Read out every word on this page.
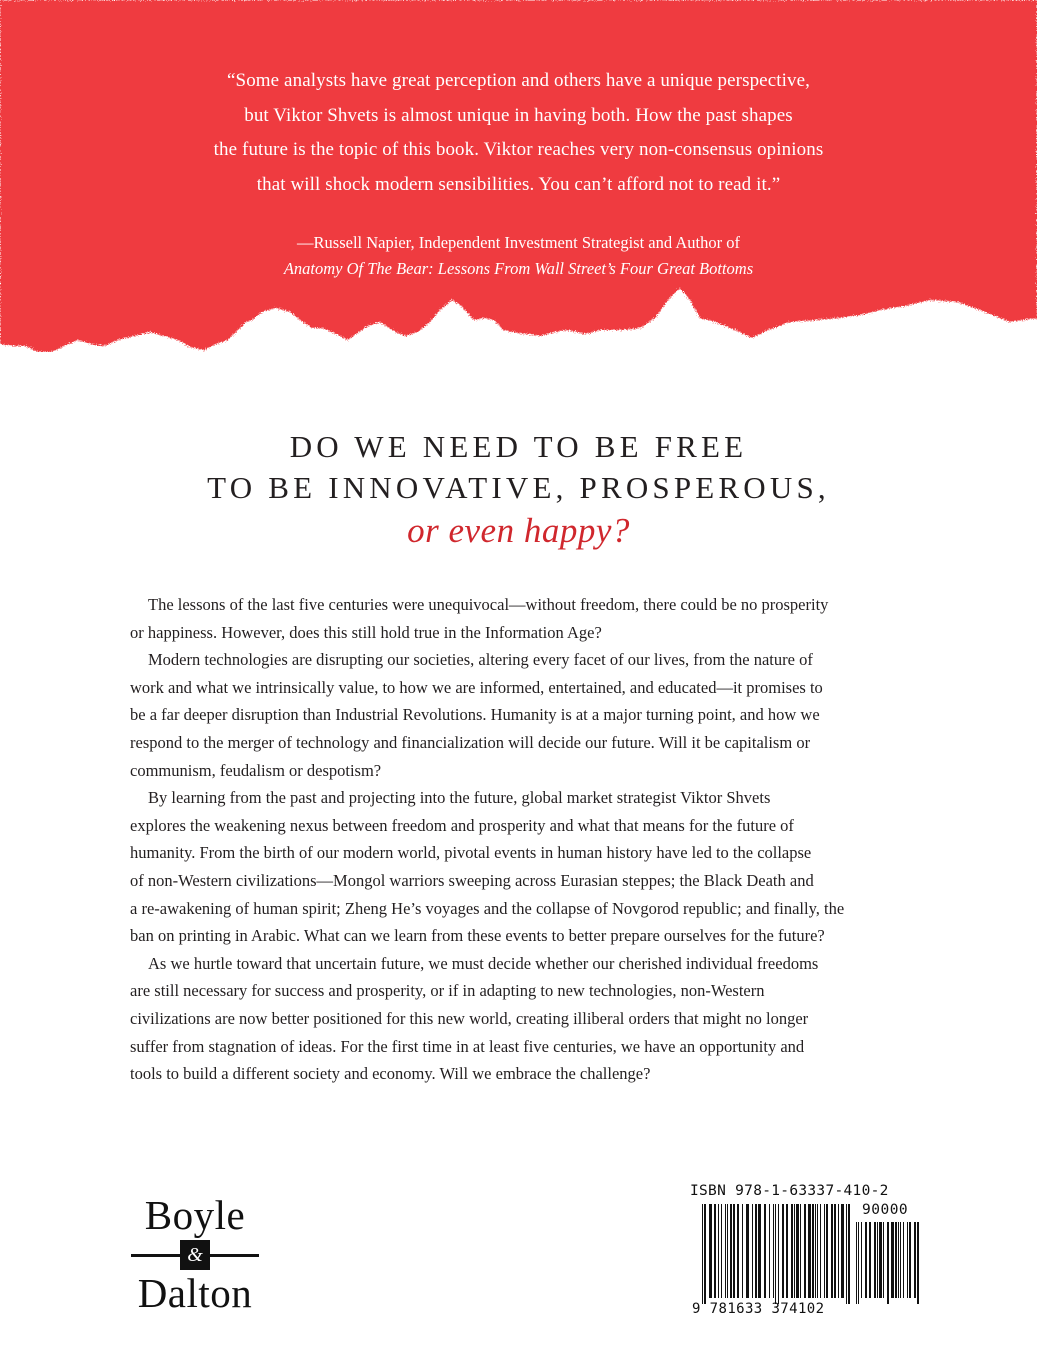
“Some analysts have great perception and others have a unique perspective,
but Viktor Shvets is almost unique in having both. How the past shapes
the future is the topic of this book. Viktor reaches very non-consensus opinions
that will shock modern sensibilities. You can’t afford not to read it.”
—Russell Napier, Independent Investment Strategist and Author of
Anatomy Of The Bear: Lessons From Wall Street’s Four Great Bottoms
DO WE NEED TO BE FREE
TO BE INNOVATIVE, PROSPEROUS,
or even happy?

The lessons of the last five centuries were unequivocal—without freedom, there could be no prosperity
or happiness. However, does this still hold true in the Information Age?

Modern technologies are disrupting our societies, altering every facet of our lives, from the nature of
work and what we intrinsically value, to how we are informed, entertained, and educated—it promises to
be a far deeper disruption than Industrial Revolutions. Humanity is at a major turning point, and how we
respond to the merger of technology and financialization will decide our future. Will it be capitalism or
communism, feudalism or despotism?

By learning from the past and projecting into the future, global market strategist Viktor Shvets
explores the weakening nexus between freedom and prosperity and what that means for the future of
humanity. From the birth of our modern world, pivotal events in human history have led to the collapse
of non-Western civilizations—Mongol warriors sweeping across Eurasian steppes; the Black Death and
a re-awakening of human spirit; Zheng He’s voyages and the collapse of Novgorod republic; and finally, the
ban on printing in Arabic. What can we learn from these events to better prepare ourselves for the future?

As we hurtle toward that uncertain future, we must decide whether our cherished individual freedoms
are still necessary for success and prosperity, or if in adapting to new technologies, non-Western
civilizations are now better positioned for this new world, creating illiberal orders that might no longer
suffer from stagnation of ideas. For the first time in at least five centuries, we have an opportunity and
tools to build a different society and economy. Will we embrace the challenge?

Boyle
&
Dalton
ISBN 978-1-63337-410-2
90000
9 781633 374102
